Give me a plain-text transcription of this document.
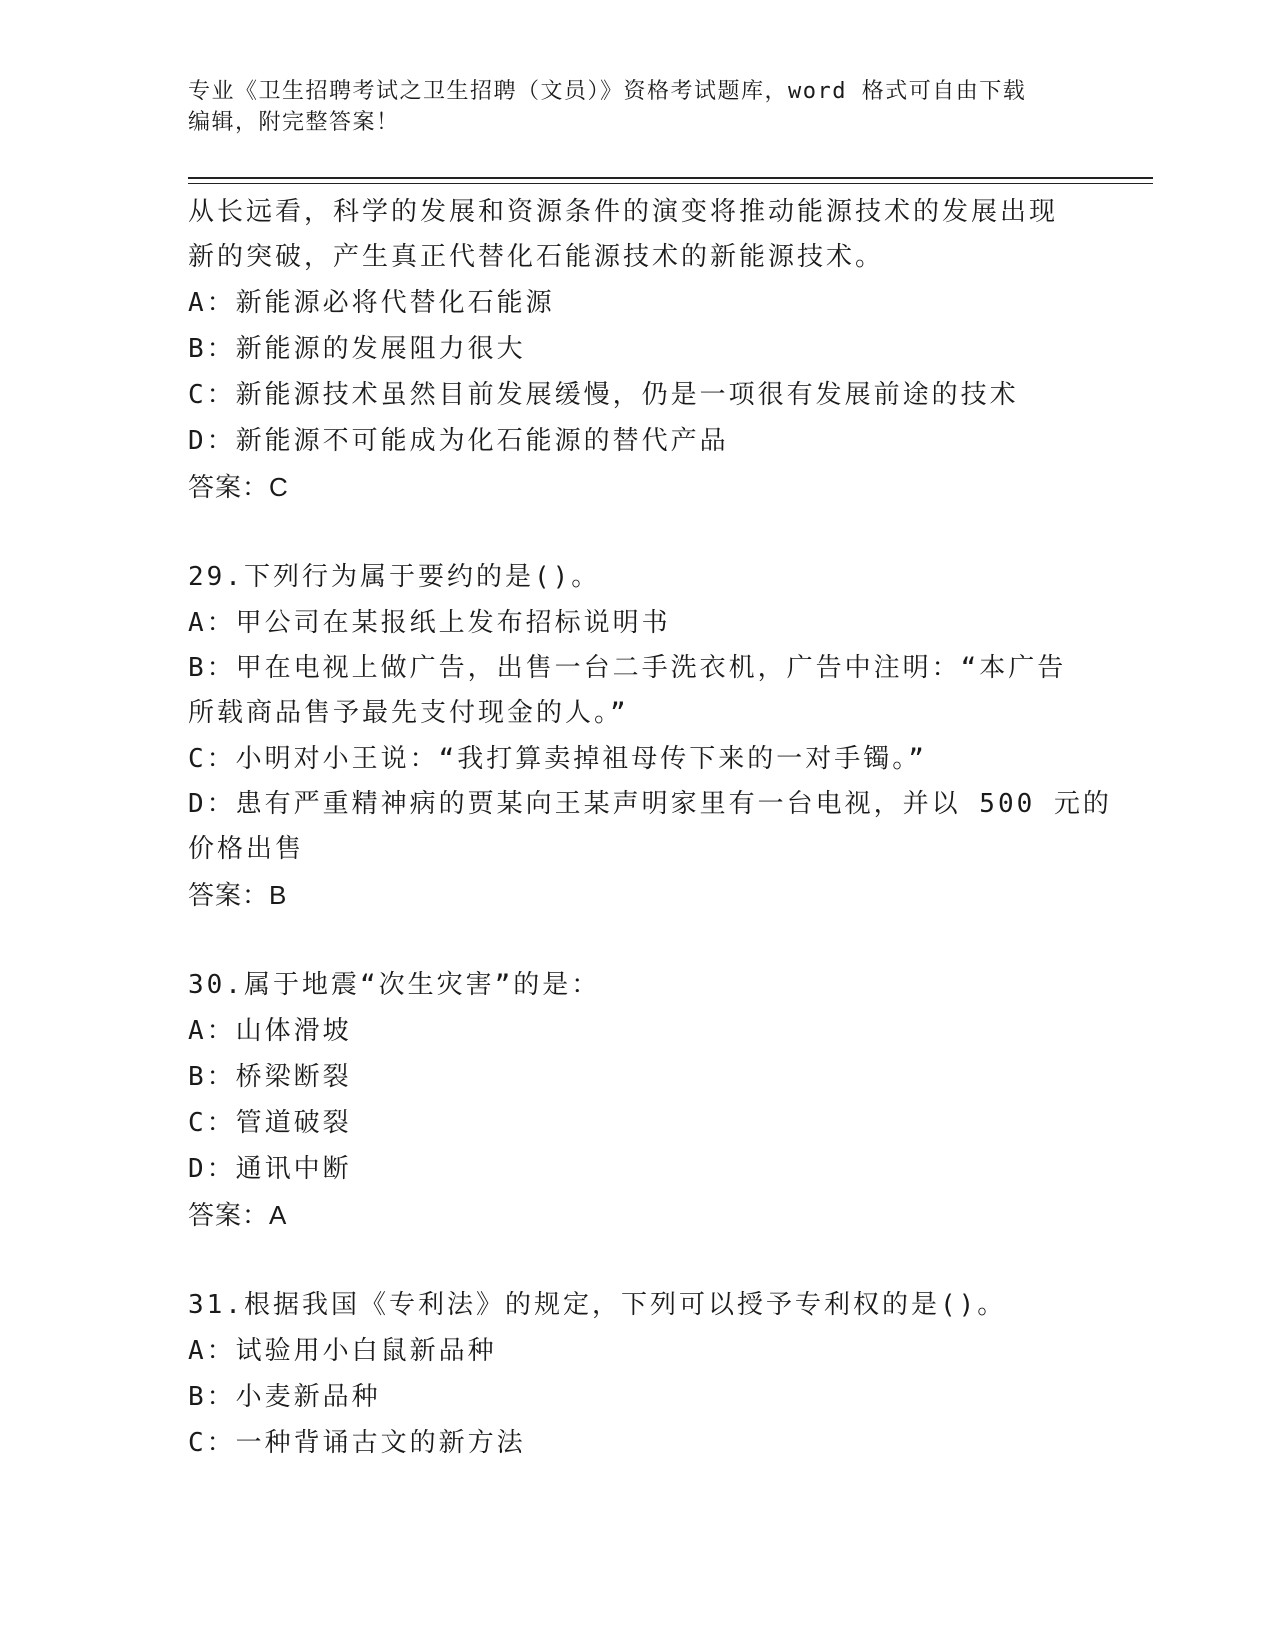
专业《卫生招聘考试之卫生招聘（文员）》资格考试题库，word 格式可自由下载
编辑，附完整答案！
从长远看，科学的发展和资源条件的演变将推动能源技术的发展出现
新的突破，产生真正代替化石能源技术的新能源技术。
A：新能源必将代替化石能源
B：新能源的发展阻力很大
C：新能源技术虽然目前发展缓慢，仍是一项很有发展前途的技术
D：新能源不可能成为化石能源的替代产品
答案：C
29.下列行为属于要约的是()。
A：甲公司在某报纸上发布招标说明书
B：甲在电视上做广告，出售一台二手洗衣机，广告中注明：“本广告
所载商品售予最先支付现金的人。”
C：小明对小王说：“我打算卖掉祖母传下来的一对手镯。”
D：患有严重精神病的贾某向王某声明家里有一台电视，并以 500 元的
价格出售
答案：B
30.属于地震“次生灾害”的是：
A：山体滑坡
B：桥梁断裂
C：管道破裂
D：通讯中断
答案：A
31.根据我国《专利法》的规定，下列可以授予专利权的是()。
A：试验用小白鼠新品种
B：小麦新品种
C：一种背诵古文的新方法
